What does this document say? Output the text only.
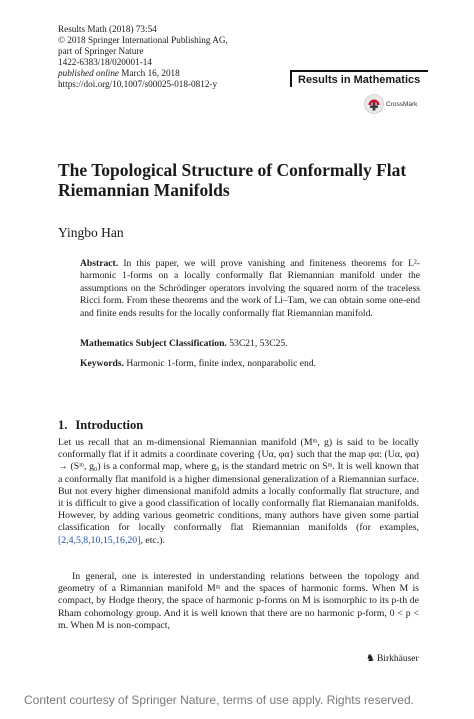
Results Math (2018) 73:54
© 2018 Springer International Publishing AG,
part of Springer Nature
1422-6383/18/020001-14
published online March 16, 2018
https://doi.org/10.1007/s00025-018-0812-y	Results in Mathematics
CrossMark
The Topological Structure of Conformally Flat Riemannian Manifolds
Yingbo Han
Abstract. In this paper, we will prove vanishing and finiteness theorems for L²-harmonic 1-forms on a locally conformally flat Riemannian manifold under the assumptions on the Schrödinger operators involving the squared norm of the traceless Ricci form. From these theorems and the work of Li–Tam, we can obtain some one-end and finite ends results for the locally conformally flat Riemannian manifold.
Mathematics Subject Classification. 53C21, 53C25.
Keywords. Harmonic 1-form, finite index, nonparabolic end.
1. Introduction

Let us recall that an m-dimensional Riemannian manifold (Mᵐ, g) is said to be locally conformally flat if it admits a coordinate covering {Uα, φα} such that the map φα: (Uα, φα) → (Sᵐ, g₀) is a conformal map, where g₀ is the standard metric on Sᵐ. It is well known that a conformally flat manifold is a higher dimensional generalization of a Riemannian surface. But not every higher dimensional manifold admits a locally conformally flat structure, and it is difficult to give a good classification of locally conformally flat Riemanaian manifolds. However, by adding various geometric conditions, many authors have given some partial classification for locally conformally flat Riemannian manifolds (for examples, [2,4,5,8,10,15,16,20], etc.).

In general, one is interested in understanding relations between the topology and geometry of a Rimannian manifold Mᵐ and the spaces of harmonic forms. When M is compact, by Hodge theory, the space of harmonic p-forms on M is isomorphic to its p-th de Rham cohomology group. And it is well known that there are no harmonic p-form, 0 < p < m. When M is non-compact,

♞ Birkhäuser
Content courtesy of Springer Nature, terms of use apply. Rights reserved.
